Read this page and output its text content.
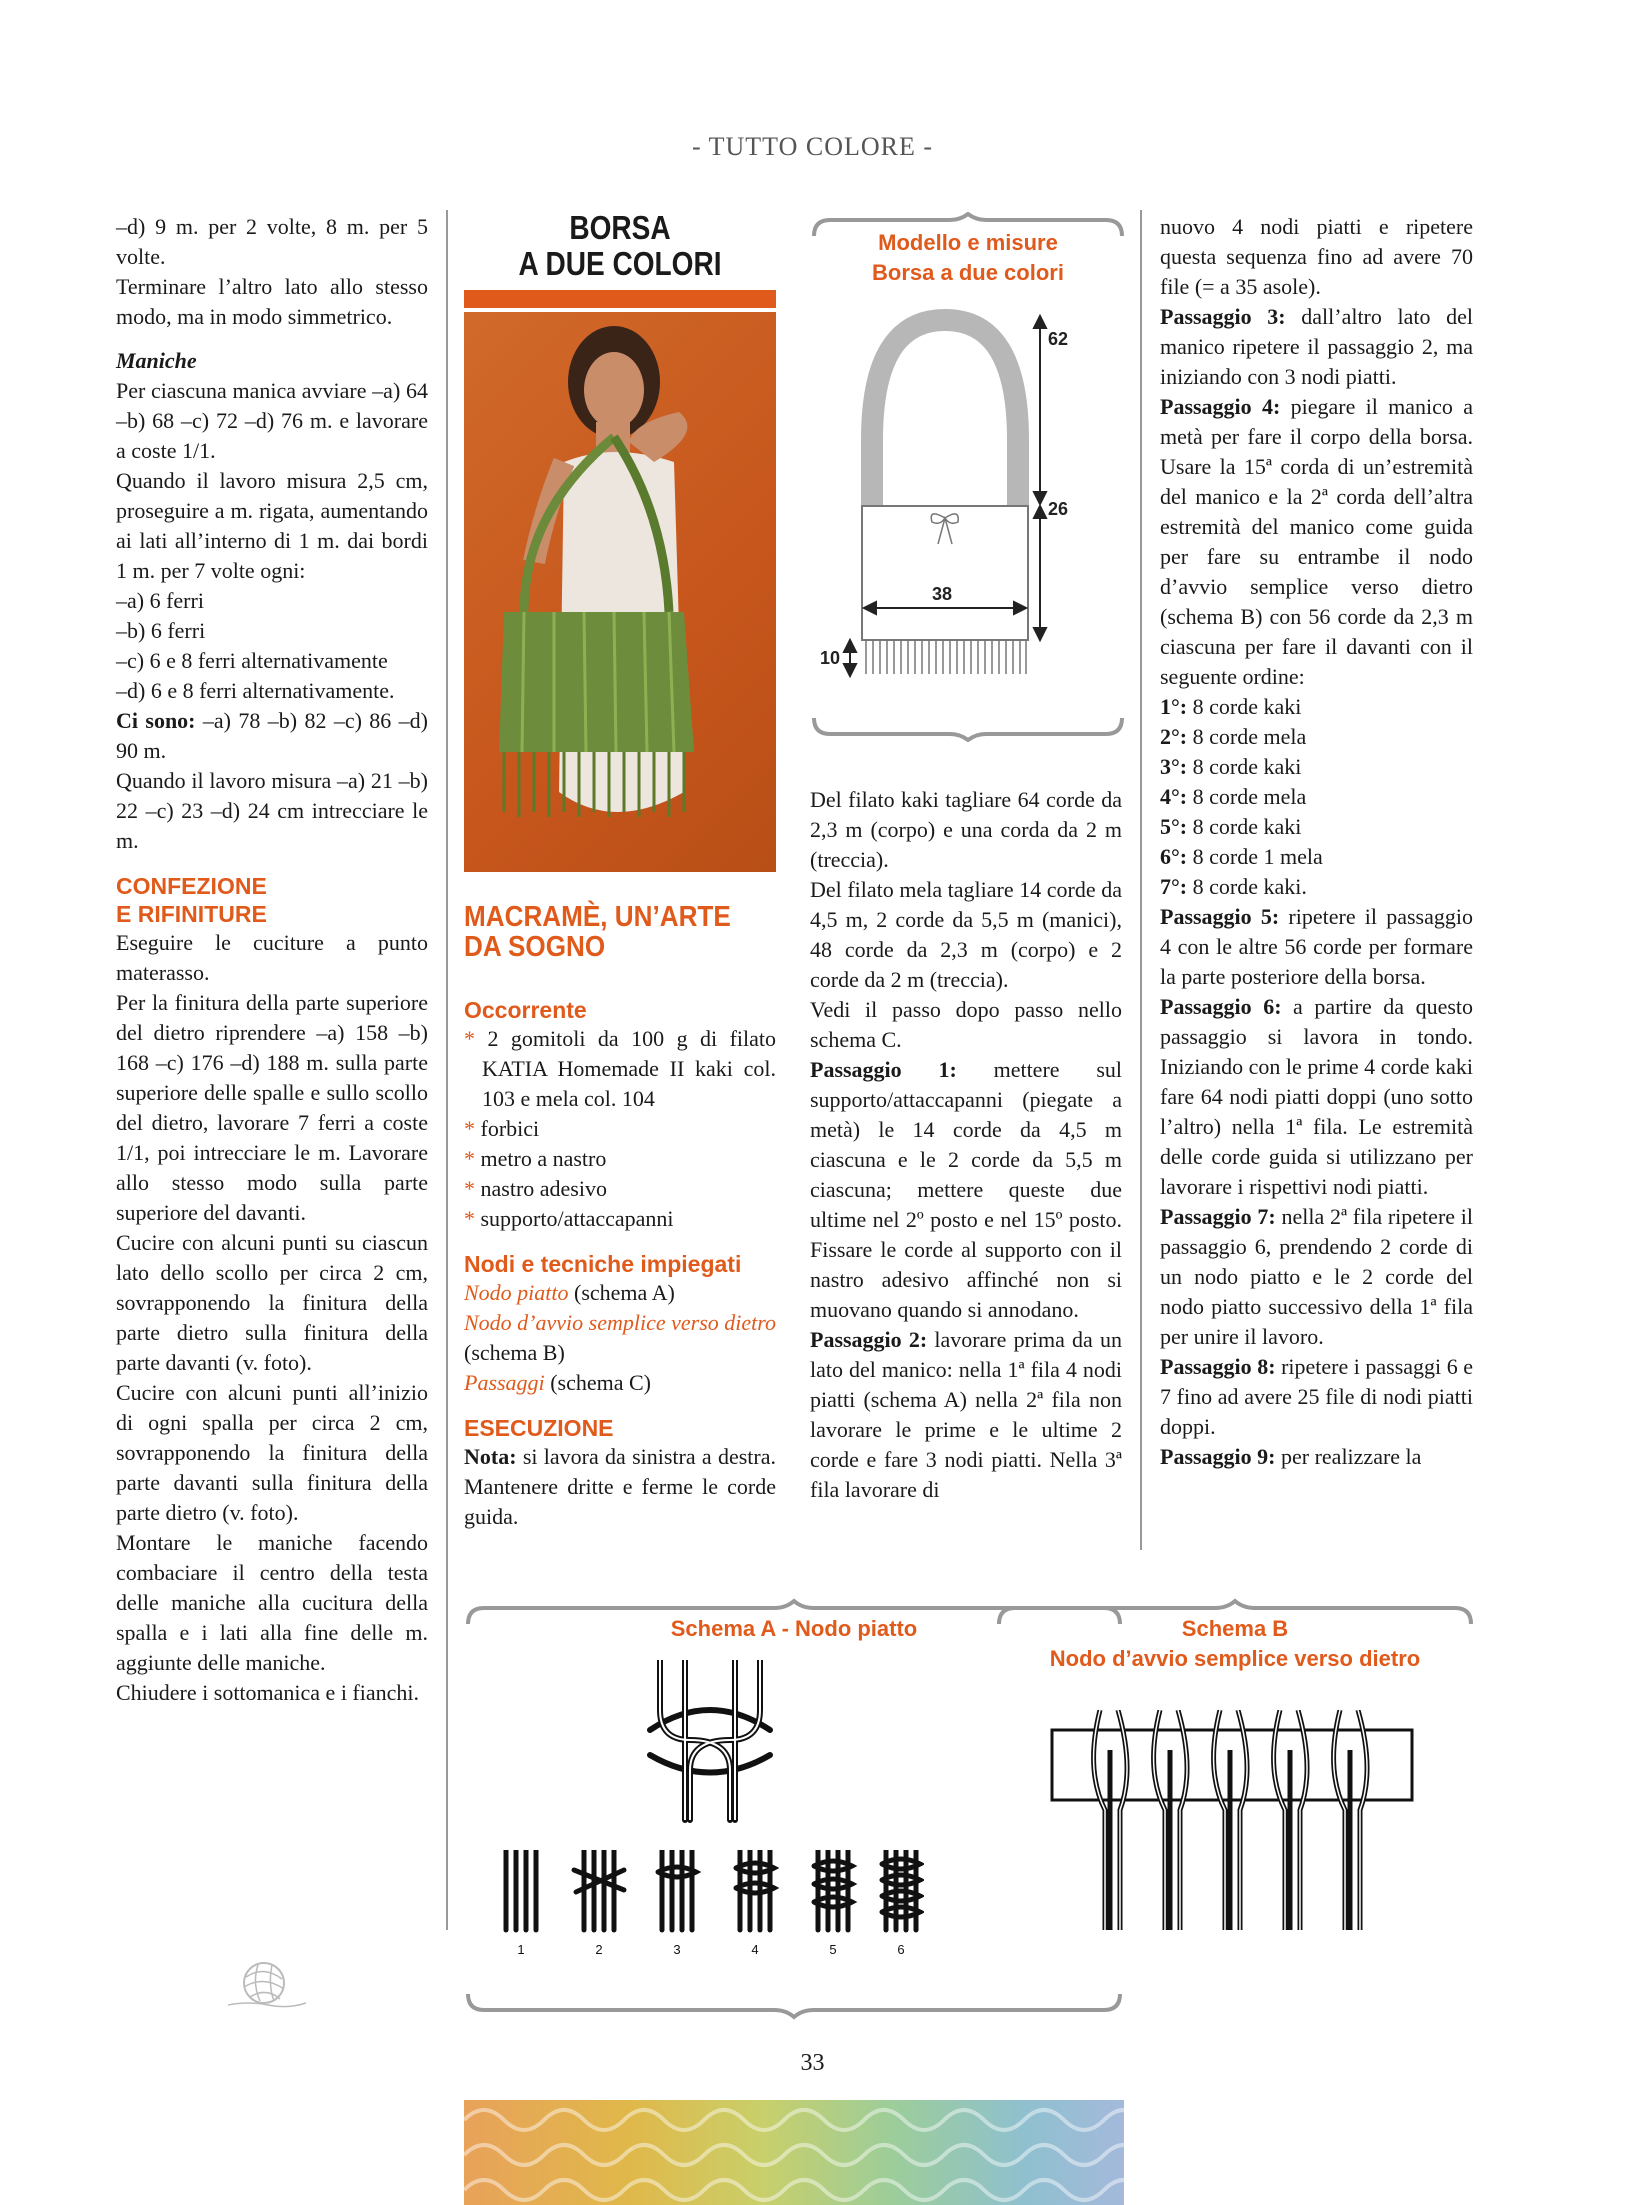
- TUTTO COLORE -

–d) 9 m. per 2 volte, 8 m. per 5 volte.

Terminare l’altro lato allo stesso modo, ma in modo simmetrico.

Maniche

Per ciascuna manica avviare –a) 64 –b) 68 –c) 72 –d) 76 m. e lavorare a coste 1/1.

Quando il lavoro misura 2,5 cm, proseguire a m. rigata, aumentando ai lati all’interno di 1 m. dai bordi 1 m. per 7 volte ogni:

–a) 6 ferri

–b) 6 ferri

–c) 6 e 8 ferri alternativamente

–d) 6 e 8 ferri alternativamente.

Ci sono: –a) 78 –b) 82 –c) 86 –d) 90 m.

Quando il lavoro misura –a) 21 –b) 22 –c) 23 –d) 24 cm intrecciare le m.

CONFEZIONE

E RIFINITURE

Eseguire le cuciture a punto materasso.

Per la finitura della parte superiore del dietro riprendere –a) 158 –b) 168 –c) 176 –d) 188 m. sulla parte superiore delle spalle e sullo scollo del dietro, lavorare 7 ferri a coste 1/1, poi intrecciare le m. Lavorare allo stesso modo sulla parte superiore del davanti.

Cucire con alcuni punti su ciascun lato dello scollo per circa 2 cm, sovrapponendo la finitura della parte dietro sulla finitura della parte davanti (v. foto).

Cucire con alcuni punti all’inizio di ogni spalla per circa 2 cm, sovrapponendo la finitura della parte davanti sulla finitura della parte dietro (v. foto).

Montare le maniche facendo combaciare il centro della testa delle maniche alla cucitura della spalla e i lati alla fine delle m. aggiunte delle maniche.

Chiudere i sottomanica e i fianchi.

BORSA
A DUE COLORI
MACRAMÈ, UN’ARTE
DA SOGNO

Occorrente

* 2 gomitoli da 100 g di filato KATIA Homemade II kaki col. 103 e mela col. 104

* forbici

* metro a nastro

* nastro adesivo

* supporto/attaccapanni

Nodi e tecniche impiegati

Nodo piatto (schema A)

Nodo d’avvio semplice verso dietro (schema B)

Passaggi (schema C)

ESECUZIONE

Nota: si lavora da sinistra a destra. Mantenere dritte e ferme le corde guida.

Modello e misure
Borsa a due colori
62
26
38
10

Del filato kaki tagliare 64 corde da 2,3 m (corpo) e una corda da 2 m (treccia).

Del filato mela tagliare 14 corde da 4,5 m, 2 corde da 5,5 m (manici), 48 corde da 2,3 m (corpo) e 2 corde da 2 m (treccia).

Vedi il passo dopo passo nello schema C.

Passaggio 1: mettere sul supporto/attaccapanni (piegate a metà) le 14 corde da 4,5 m ciascuna e le 2 corde da 5,5 m ciascuna; mettere queste due ultime nel 2º posto e nel 15º posto. Fissare le corde al supporto con il nastro adesivo affinché non si muovano quando si annodano.

Passaggio 2: lavorare prima da un lato del manico: nella 1ª fila 4 nodi piatti (schema A) nella 2ª fila non lavorare le prime e le ultime 2 corde e fare 3 nodi piatti. Nella 3ª fila lavorare di

nuovo 4 nodi piatti e ripetere questa sequenza fino ad avere 70 file (= a 35 asole).

Passaggio 3: dall’altro lato del manico ripetere il passaggio 2, ma iniziando con 3 nodi piatti.

Passaggio 4: piegare il manico a metà per fare il corpo della borsa. Usare la 15ª corda di un’estremità del manico e la 2ª corda dell’altra estremità del manico come guida per fare su entrambe il nodo d’avvio semplice verso dietro (schema B) con 56 corde da 2,3 m ciascuna per fare il davanti con il seguente ordine:

1°: 8 corde kaki

2°: 8 corde mela

3°: 8 corde kaki

4°: 8 corde mela

5°: 8 corde kaki

6°: 8 corde 1 mela

7°: 8 corde kaki.

Passaggio 5: ripetere il passaggio 4 con le altre 56 corde per formare la parte posteriore della borsa.

Passaggio 6: a partire da questo passaggio si lavora in tondo. Iniziando con le prime 4 corde kaki fare 64 nodi piatti doppi (uno sotto l’altro) nella 1ª fila. Le estremità delle corde guida si utilizzano per lavorare i rispettivi nodi piatti.

Passaggio 7: nella 2ª fila ripetere il passaggio 6, prendendo 2 corde di un nodo piatto e le 2 corde del nodo piatto successivo della 1ª fila per unire il lavoro.

Passaggio 8: ripetere i passaggi 6 e 7 fino ad avere 25 file di nodi piatti doppi.

Passaggio 9: per realizzare la

Schema A - Nodo piatto
1	2	3	4	5	6
Schema B
Nodo d’avvio semplice verso dietro
33
